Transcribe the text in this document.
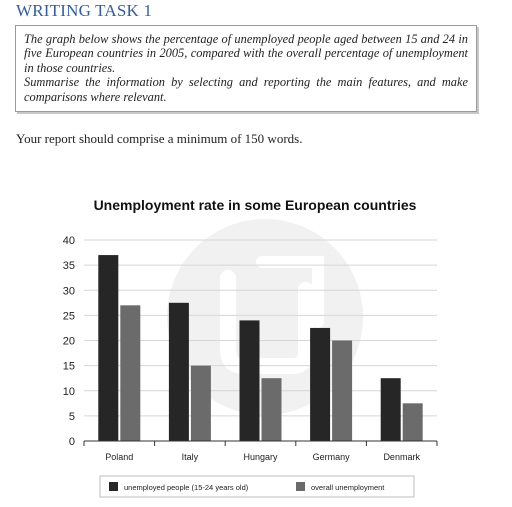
WRITING TASK 1

The graph below shows the percentage of unemployed people aged between 15 and 24 in five European countries in 2005, compared with the overall percentage of unemployment in those countries.

Summarise the information by selecting and reporting the main features, and make comparisons where relevant.

Your report should comprise a minimum of 150 words.
Unemployment rate in some European countries
0
5
10
15
20
25
30
35
40
Poland	Italy	Hungary	Germany	Denmark
unemployed people (15-24 years old)	overall unemployment
